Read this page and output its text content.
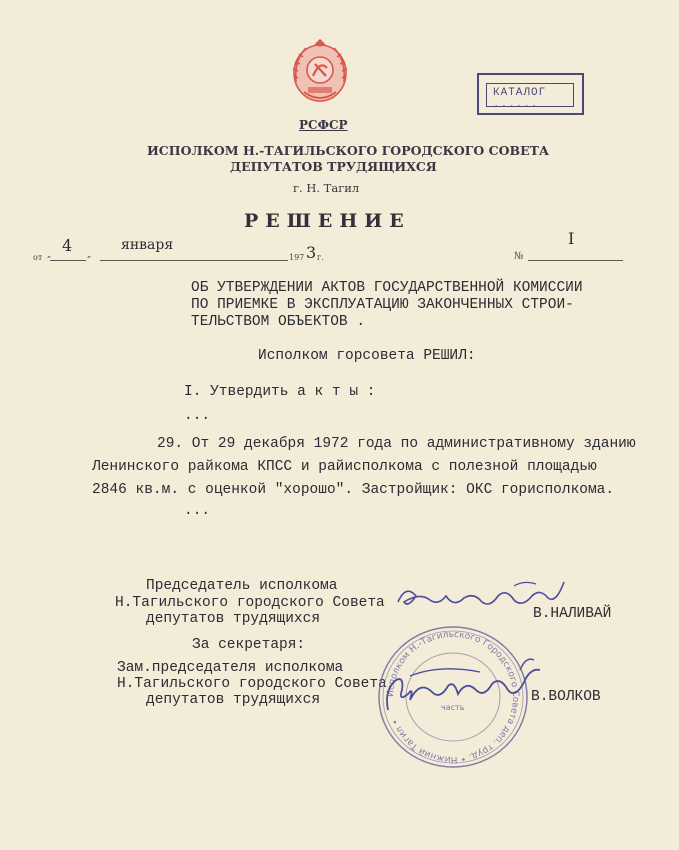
КАТАЛОГ ......
РСФСР
ИСПОЛКОМ Н.-ТАГИЛЬСКОГО ГОРОДСКОГО СОВЕТА
ДЕПУТАТОВ ТРУДЯЩИХСЯ
г. Н. Тагил
РЕШЕНИЕ
от „ 4 „
января
197 3 г.	№
I
ОБ УТВЕРЖДЕНИИ АКТОВ ГОСУДАРСТВЕННОЙ КОМИССИИ
ПО ПРИЕМКЕ В ЭКСПЛУАТАЦИЮ ЗАКОНЧЕННЫХ СТРОИ-
ТЕЛЬСТВОМ ОБЪЕКТОВ .
Исполком горсовета РЕШИЛ:
I. Утвердить а к т ы :
...
29. От 29 декабря 1972 года по административному зданию
Ленинского райкома КПСС и райисполкома с полезной площадью
2846 кв.м. с оценкой "хорошо". Застройщик: ОКС горисполкома.
...
Председатель исполкома
Н.Тагильского городского Совета
депутатов трудящихся	В.НАЛИВАЙ
За секретаря:
Зам.председателя исполкома
Н.Тагильского городского Совета
депутатов трудящихся	В.ВОЛКОВ
Исполком Н.-Тагильского Городского Совета деп. труд. • Нижний Тагил •
часть
